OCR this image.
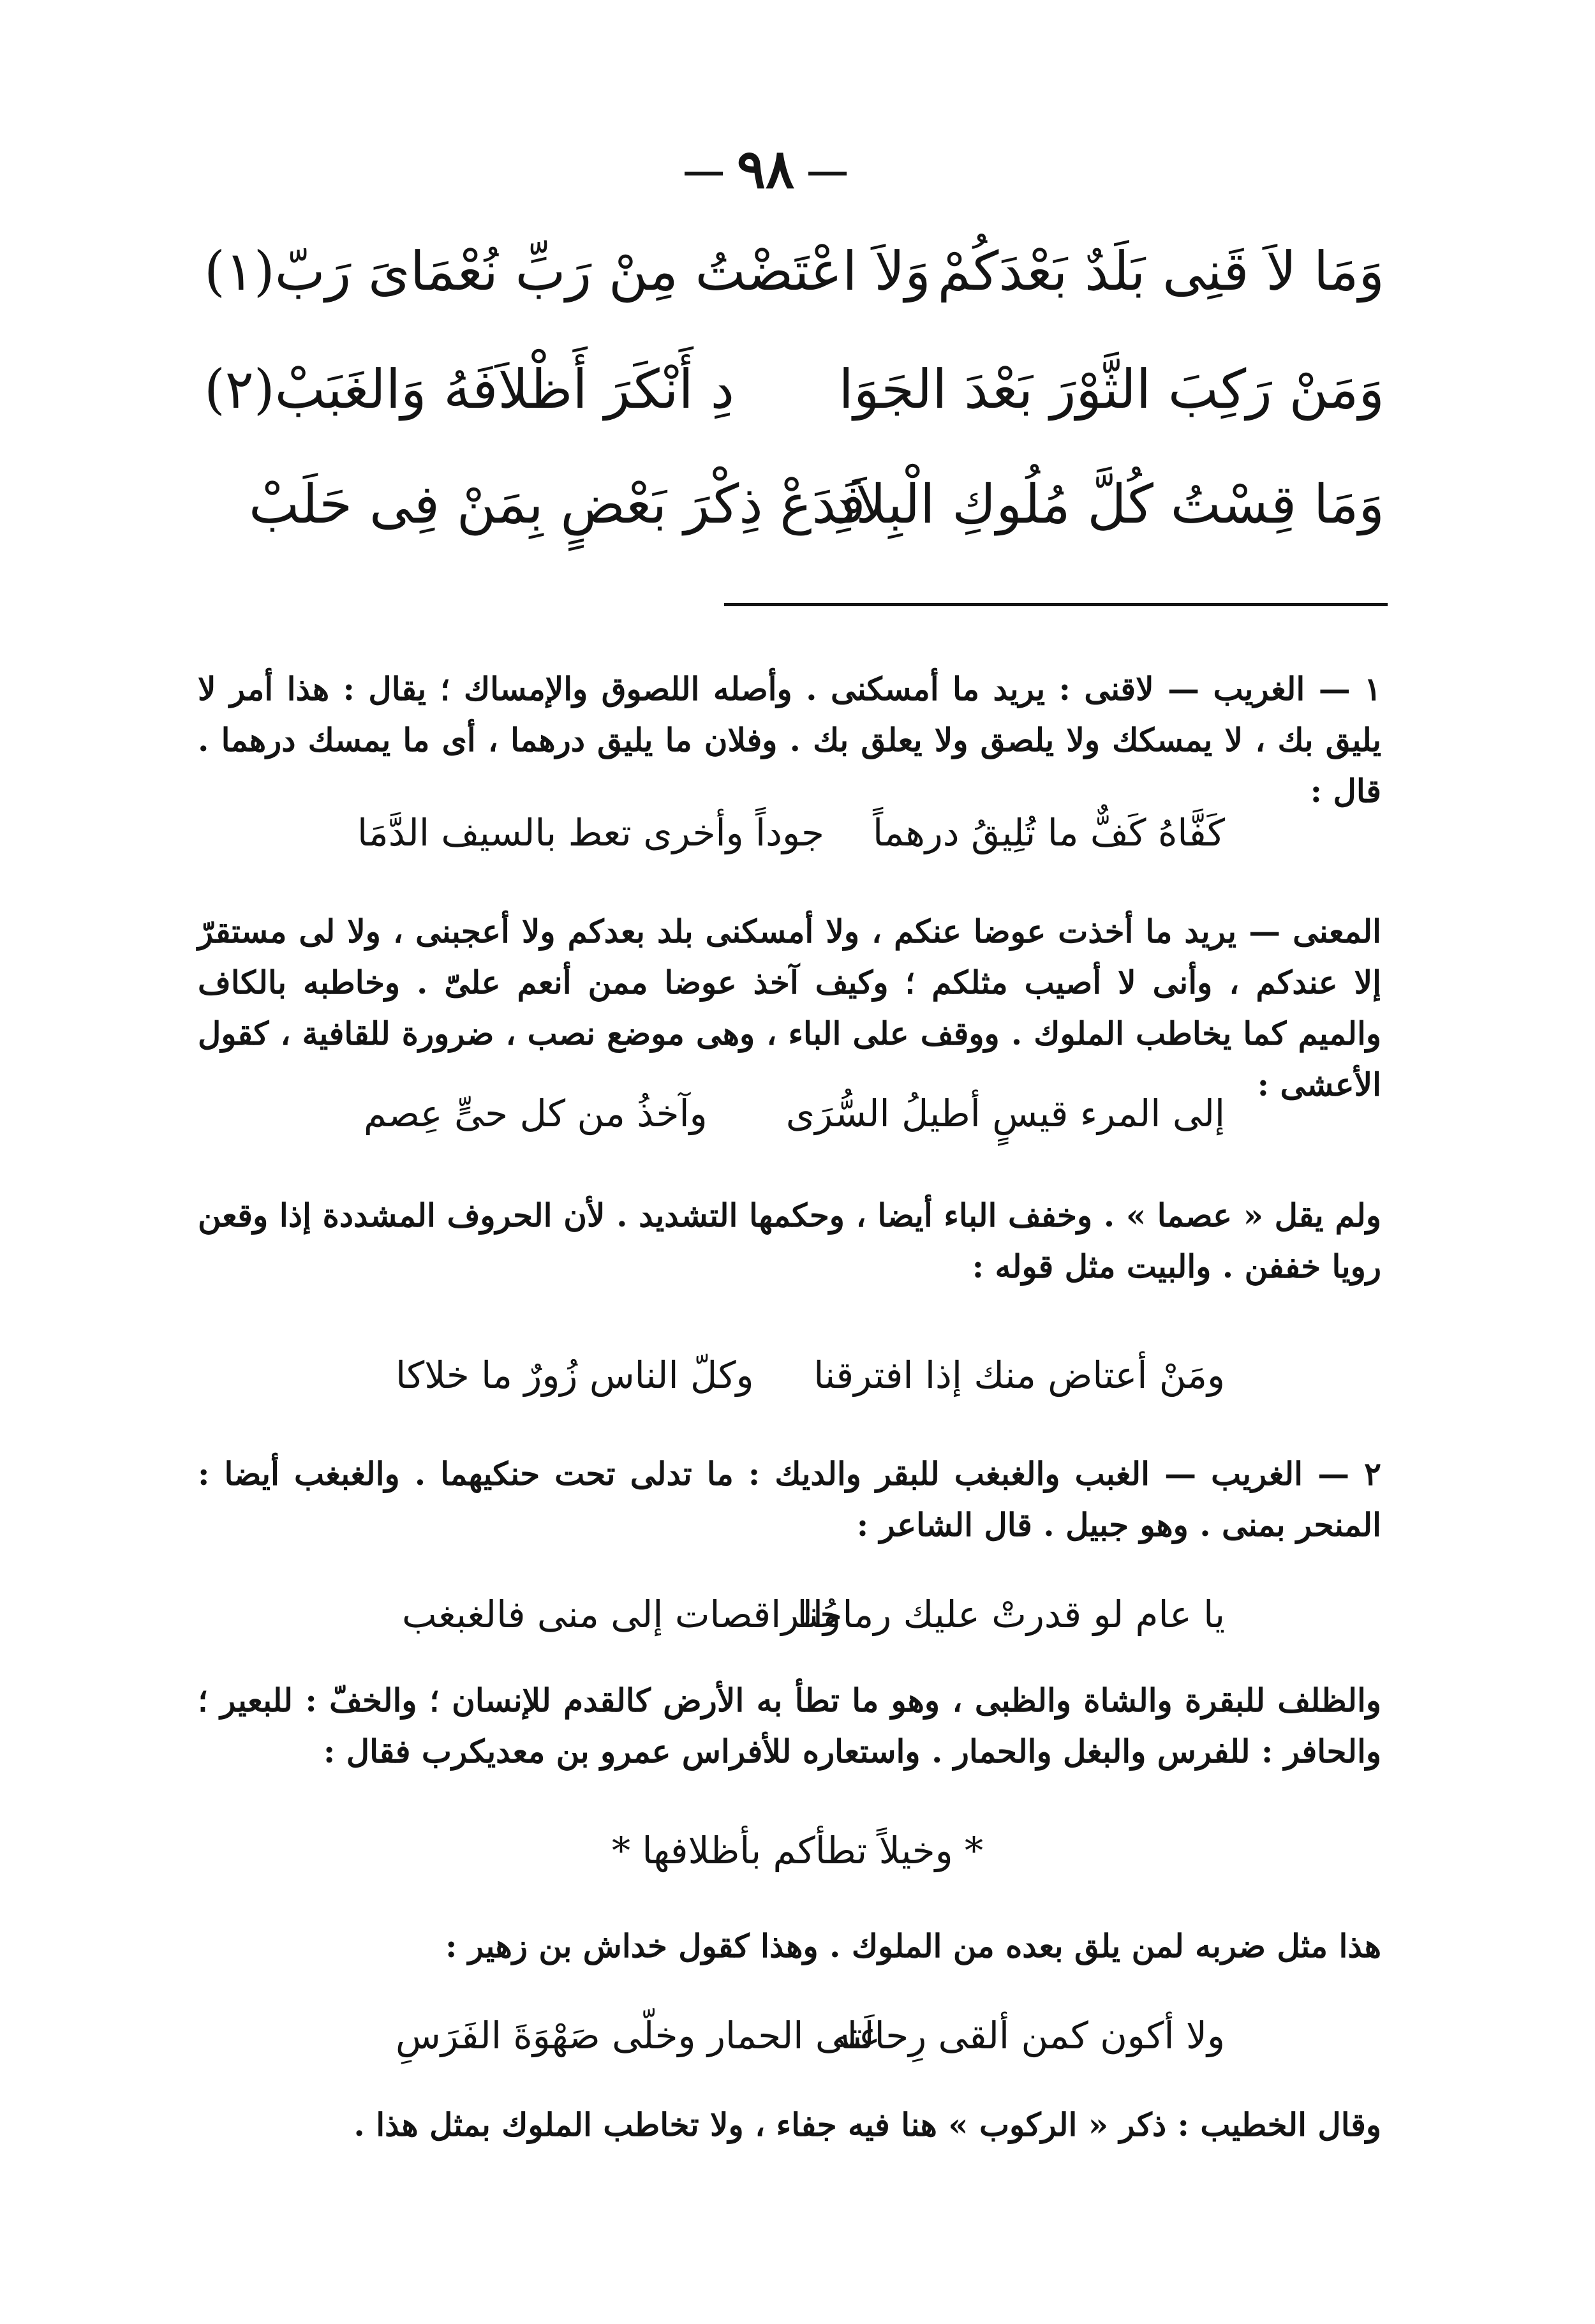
٩٨
وَمَا لاَ قَنِى بَلَدٌ بَعْدَكُمْ
وَلاَ اعْتَضْتُ مِنْ رَبِّ نُعْمَاىَ رَبّ(١)
وَمَنْ رَكِبَ الثَّوْرَ بَعْدَ الجَوَا
دِ أَنْكَرَ أَظْلاَفَهُ وَالغَبَبْ(٢)
وَمَا قِسْتُ كُلَّ مُلُوكِ الْبِلاَدِ
فَدَعْ ذِكْرَ بَعْضٍ بِمَنْ فِى حَلَبْ
١ — الغريب — لاقنى : يريد ما أمسكنى . وأصله اللصوق والإمساك ؛ يقال : هذا أمر لا يليق بك ، لا يمسكك ولا يلصق ولا يعلق بك . وفلان ما يليق درهما ، أى ما يمسك درهما . قال :
كَفَّاهُ كَفٌّ ما تُلِيقُ درهماً
جوداً وأخرى تعط بالسيف الدَّمَا
المعنى — يريد ما أخذت عوضا عنكم ، ولا أمسكنى بلد بعدكم ولا أعجبنى ، ولا لى مستقرّ إلا عندكم ، وأنى لا أصيب مثلكم ؛ وكيف آخذ عوضا ممن أنعم علىّ . وخاطبه بالكاف والميم كما يخاطب الملوك . ووقف على الباء ، وهى موضع نصب ، ضرورة للقافية ، كقول الأعشى :
إلى المرء قيسٍ أطيلُ السُّرَى
وآخذُ من كل حىٍّ عِصم
ولم يقل « عصما » . وخفف الباء أيضا ، وحكمها التشديد . لأن الحروف المشددة إذا وقعن رويا خففن . والبيت مثل قوله :
ومَنْ أعتاض منك إذا افترقنا
وكلّ الناس زُورٌ ما خلاكا
٢ — الغريب — الغبب والغبغب للبقر والديك : ما تدلى تحت حنكيهما . والغبغب أيضا : المنحر بمنى . وهو جبيل . قال الشاعر :
يا عام لو قدرتْ عليك رماحُنا
والراقصات إلى منى فالغبغب
والظلف للبقرة والشاة والظبى ، وهو ما تطأ به الأرض كالقدم للإنسان ؛ والخفّ : للبعير ؛ والحافر : للفرس والبغل والحمار . واستعاره للأفراس عمرو بن معديكرب فقال :
* وخيلاً تطأكم بأظلافها *
هذا مثل ضربه لمن يلق بعده من الملوك . وهذا كقول خداش بن زهير :
ولا أكون كمن ألقى رِحالَته
على الحمار وخلّى صَهْوَةَ الفَرَسِ
وقال الخطيب : ذكر « الركوب » هنا فيه جفاء ، ولا تخاطب الملوك بمثل هذا .
